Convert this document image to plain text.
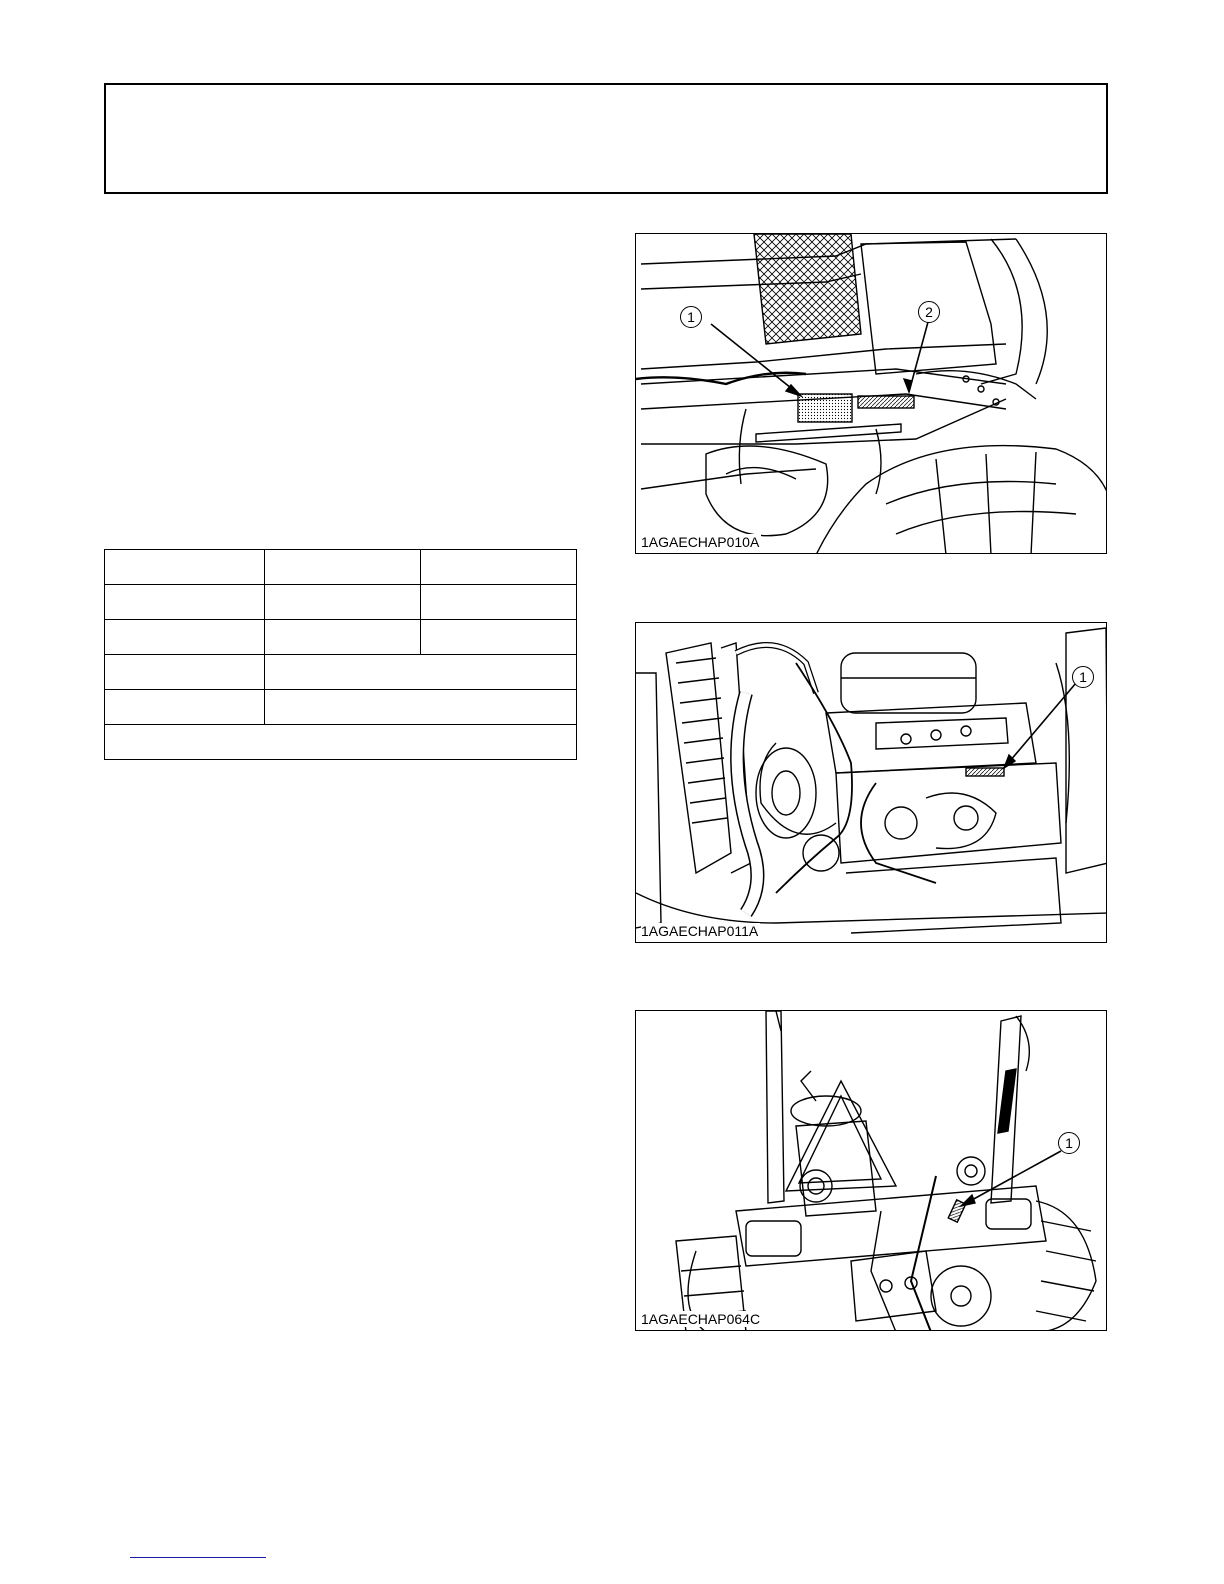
1	2
1AGAECHAP010A
1
1AGAECHAP011A
1
1AGAECHAP064C
